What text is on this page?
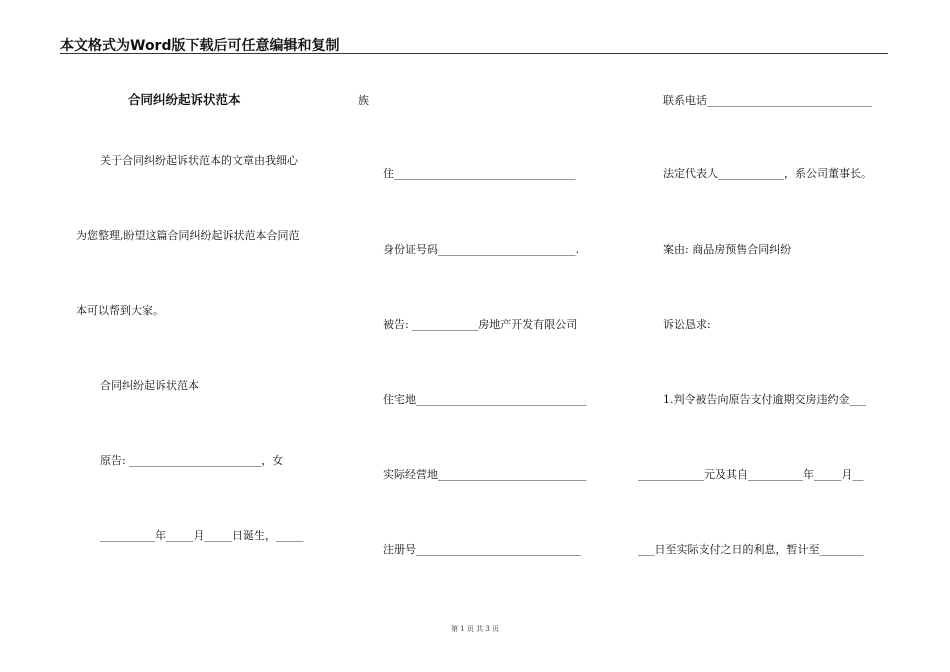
本文格式为Word版下载后可任意编辑和复制
合同纠纷起诉状范本
关于合同纠纷起诉状范本的文章由我细心
为您整理,盼望这篇合同纠纷起诉状范本合同范
本可以帮到大家。
合同纠纷起诉状范本
原告: ________________________，女
__________年_____月_____日诞生，_____
族
住_________________________________
身份证号码_________________________.
被告: ____________房地产开发有限公司
住宅地_______________________________
实际经营地___________________________
注册号______________________________
联系电话______________________________
法定代表人____________，系公司董事长。
案由: 商品房预售合同纠纷
诉讼恳求:
1.判令被告向原告支付逾期交房违约金___
____________元及其自__________年_____月__
___日至实际支付之日的利息，暂计至________
第 1 页 共 3 页
